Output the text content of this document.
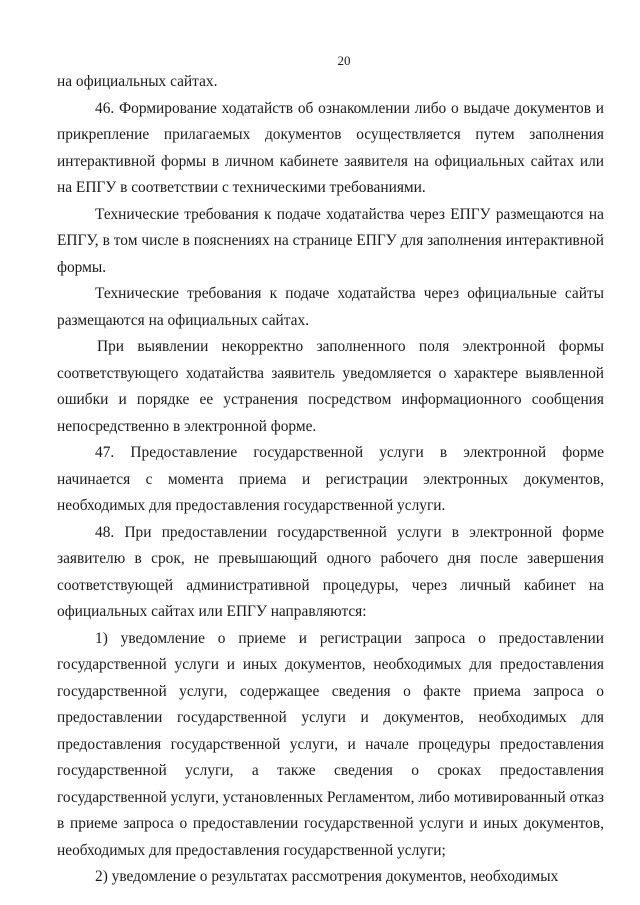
20

на официальных сайтах.

46. Формирование ходатайств об ознакомлении либо о выдаче документов и прикрепление прилагаемых документов осуществляется путем заполнения интерактивной формы в личном кабинете заявителя на официальных сайтах или на ЕПГУ в соответствии с техническими требованиями.

Технические требования к подаче ходатайства через ЕПГУ размещаются на ЕПГУ, в том числе в пояснениях на странице ЕПГУ для заполнения интерактивной формы.

Технические требования к подаче ходатайства через официальные сайты размещаются на официальных сайтах.

При выявлении некорректно заполненного поля электронной формы соответствующего ходатайства заявитель уведомляется о характере выявленной ошибки и порядке ее устранения посредством информационного сообщения непосредственно в электронной форме.

47. Предоставление государственной услуги в электронной форме начинается с момента приема и регистрации электронных документов, необходимых для предоставления государственной услуги.

48. При предоставлении государственной услуги в электронной форме заявителю в срок, не превышающий одного рабочего дня после завершения соответствующей административной процедуры, через личный кабинет на официальных сайтах или ЕПГУ направляются:

1) уведомление о приеме и регистрации запроса о предоставлении государственной услуги и иных документов, необходимых для предоставления государственной услуги, содержащее сведения о факте приема запроса о предоставлении государственной услуги и документов, необходимых для предоставления государственной услуги, и начале процедуры предоставления государственной услуги, а также сведения о сроках предоставления государственной услуги, установленных Регламентом, либо мотивированный отказ в приеме запроса о предоставлении государственной услуги и иных документов, необходимых для предоставления государственной услуги;

2) уведомление о результатах рассмотрения документов, необходимых
